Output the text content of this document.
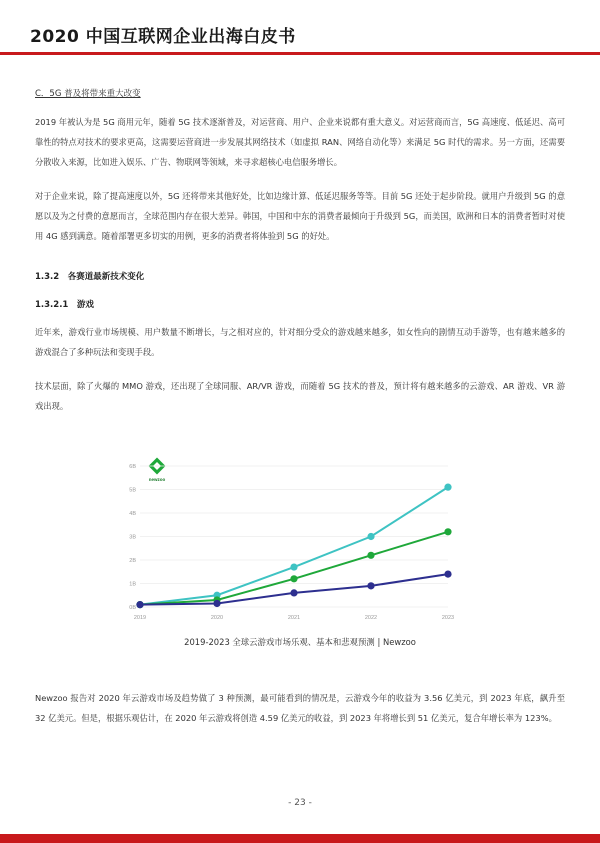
2020 中国互联网企业出海白皮书
C．5G 普及将带来重大改变

2019 年被认为是 5G 商用元年，随着 5G 技术逐渐普及，对运营商、用户、企业来说都有重大意义。对运营商而言，5G 高速度、低延迟、高可靠性的特点对技术的要求更高，这需要运营商进一步发展其网络技术（如虚拟 RAN、网络自动化等）来满足 5G 时代的需求。另一方面，还需要分散收入来源，比如进入娱乐、广告、物联网等领域，来寻求超核心电信服务增长。

对于企业来说，除了提高速度以外，5G 还将带来其他好处，比如边缘计算、低延迟服务等等。目前 5G 还处于起步阶段。就用户升级到 5G 的意愿以及为之付费的意愿而言，全球范围内存在很大差异。韩国，中国和中东的消费者最倾向于升级到 5G，而美国，欧洲和日本的消费者暂时对使用 4G 感到满意。随着部署更多切实的用例，更多的消费者将体验到 5G 的好处。

1.3.2　各赛道最新技术变化
1.3.2.1　游戏

近年来，游戏行业市场规模、用户数量不断增长，与之相对应的，针对细分受众的游戏越来越多，如女性向的剧情互动手游等，也有越来越多的游戏混合了多种玩法和变现手段。

技术层面，除了火爆的 MMO 游戏，还出现了全球同服、AR/VR 游戏，而随着 5G 技术的普及，预计将有越来越多的云游戏、AR 游戏、VR 游戏出现。

newzoo
0B
1B
2B
3B
4B
5B
6B
2019	2020	2021	2022	2023
2019-2023 全球云游戏市场乐观、基本和悲观预测 | Newzoo

Newzoo 报告对 2020 年云游戏市场及趋势做了 3 种预测，最可能看到的情况是，云游戏今年的收益为 3.56 亿美元，到 2023 年底，飙升至 32 亿美元。但是，根据乐观估计，在 2020 年云游戏将创造 4.59 亿美元的收益，到 2023 年将增长到 51 亿美元，复合年增长率为 123%。

- 23 -
